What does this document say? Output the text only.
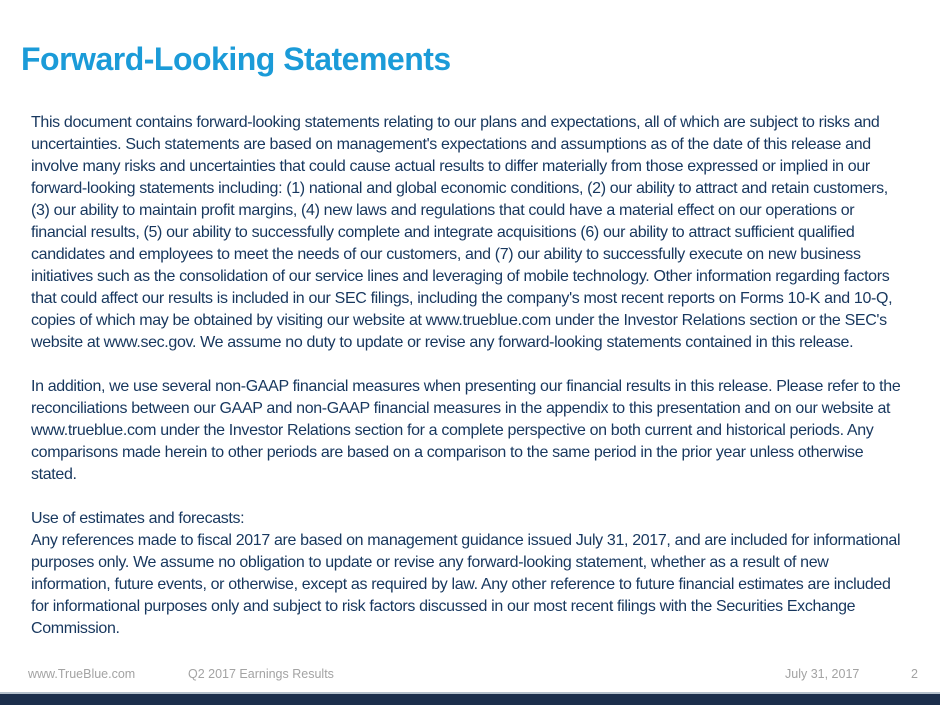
Forward-Looking Statements
This document contains forward-looking statements relating to our plans and expectations, all of which are subject to risks and
uncertainties. Such statements are based on management's expectations and assumptions as of the date of this release and
involve many risks and uncertainties that could cause actual results to differ materially from those expressed or implied in our
forward-looking statements including: (1) national and global economic conditions, (2) our ability to attract and retain customers,
(3) our ability to maintain profit margins, (4) new laws and regulations that could have a material effect on our operations or
financial results, (5) our ability to successfully complete and integrate acquisitions (6) our ability to attract sufficient qualified
candidates and employees to meet the needs of our customers, and (7) our ability to successfully execute on new business
initiatives such as the consolidation of our service lines and leveraging of mobile technology. Other information regarding factors
that could affect our results is included in our SEC filings, including the company's most recent reports on Forms 10-K and 10-Q,
copies of which may be obtained by visiting our website at www.trueblue.com under the Investor Relations section or the SEC's
website at www.sec.gov. We assume no duty to update or revise any forward-looking statements contained in this release.
In addition, we use several non-GAAP financial measures when presenting our financial results in this release. Please refer to the
reconciliations between our GAAP and non-GAAP financial measures in the appendix to this presentation and on our website at
www.trueblue.com under the Investor Relations section for a complete perspective on both current and historical periods. Any
comparisons made herein to other periods are based on a comparison to the same period in the prior year unless otherwise
stated.
Use of estimates and forecasts:
Any references made to fiscal 2017 are based on management guidance issued July 31, 2017, and are included for informational
purposes only. We assume no obligation to update or revise any forward-looking statement, whether as a result of new
information, future events, or otherwise, except as required by law. Any other reference to future financial estimates are included
for informational purposes only and subject to risk factors discussed in our most recent filings with the Securities Exchange
Commission.
www.TrueBlue.com	Q2 2017 Earnings Results	July 31, 2017	2
